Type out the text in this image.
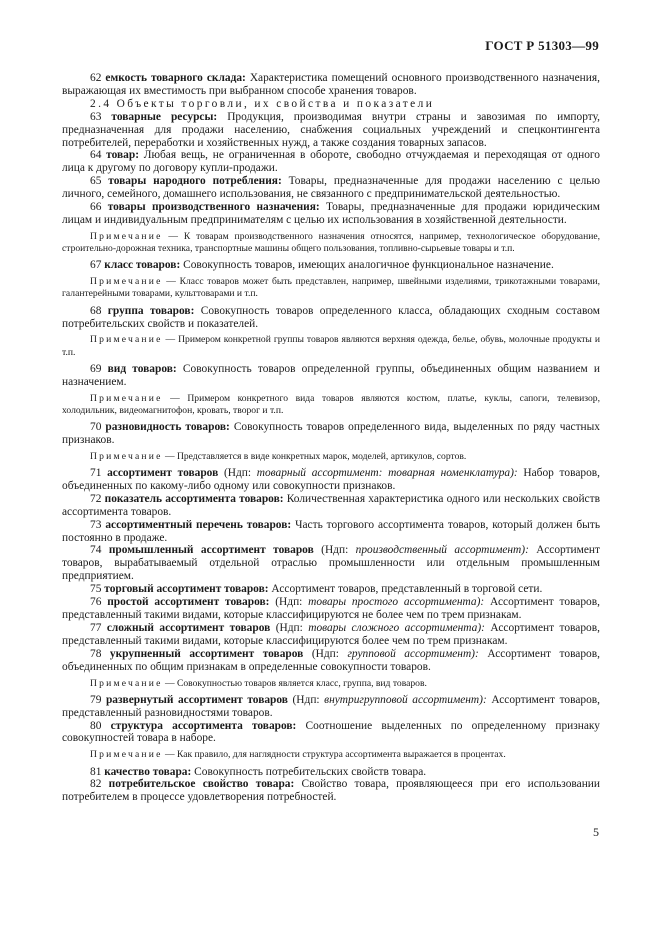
ГОСТ Р 51303—99

62 емкость товарного склада: Характеристика помещений основного производственного назначения, выражающая их вместимость при выбранном способе хранения товаров.

2.4 Объекты торговли, их свойства и показатели

63 товарные ресурсы: Продукция, производимая внутри страны и завозимая по импорту, предназначенная для продажи населению, снабжения социальных учреждений и спецконтингента потребителей, переработки и хозяйственных нужд, а также создания товарных запасов.

64 товар: Любая вещь, не ограниченная в обороте, свободно отчуждаемая и переходящая от одного лица к другому по договору купли-продажи.

65 товары народного потребления: Товары, предназначенные для продажи населению с целью личного, семейного, домашнего использования, не связанного с предпринимательской деятельностью.

66 товары производственного назначения: Товары, предназначенные для продажи юридическим лицам и индивидуальным предпринимателям с целью их использования в хозяйственной деятельности.

Примечание — К товарам производственного назначения относятся, например, технологическое оборудование, строительно-дорожная техника, транспортные машины общего пользования, топливно-сырьевые товары и т.п.

67 класс товаров: Совокупность товаров, имеющих аналогичное функциональное назначение.

Примечание — Класс товаров может быть представлен, например, швейными изделиями, трикотажными товарами, галантерейными товарами, культтоварами и т.п.

68 группа товаров: Совокупность товаров определенного класса, обладающих сходным составом потребительских свойств и показателей.

Примечание — Примером конкретной группы товаров являются верхняя одежда, белье, обувь, молочные продукты и т.п.

69 вид товаров: Совокупность товаров определенной группы, объединенных общим названием и назначением.

Примечание — Примером конкретного вида товаров являются костюм, платье, куклы, сапоги, телевизор, холодильник, видеомагнитофон, кровать, творог и т.п.

70 разновидность товаров: Совокупность товаров определенного вида, выделенных по ряду частных признаков.

Примечание — Представляется в виде конкретных марок, моделей, артикулов, сортов.

71 ассортимент товаров (Ндп: товарный ассортимент: товарная номенклатура): Набор товаров, объединенных по какому-либо одному или совокупности признаков.

72 показатель ассортимента товаров: Количественная характеристика одного или нескольких свойств ассортимента товаров.

73 ассортиментный перечень товаров: Часть торгового ассортимента товаров, который должен быть постоянно в продаже.

74 промышленный ассортимент товаров (Ндп: производственный ассортимент): Ассортимент товаров, вырабатываемый отдельной отраслью промышленности или отдельным промышленным предприятием.

75 торговый ассортимент товаров: Ассортимент товаров, представленный в торговой сети.

76 простой ассортимент товаров: (Ндп: товары простого ассортимента): Ассортимент товаров, представленный такими видами, которые классифицируются не более чем по трем признакам.

77 сложный ассортимент товаров (Ндп: товары сложного ассортимента): Ассортимент товаров, представленный такими видами, которые классифицируются более чем по трем признакам.

78 укрупненный ассортимент товаров (Ндп: групповой ассортимент): Ассортимент товаров, объединенных по общим признакам в определенные совокупности товаров.

Примечание — Совокупностью товаров является класс, группа, вид товаров.

79 развернутый ассортимент товаров (Ндп: внутригрупповой ассортимент): Ассортимент товаров, представленный разновидностями товаров.

80 структура ассортимента товаров: Соотношение выделенных по определенному признаку совокупностей товара в наборе.

Примечание — Как правило, для наглядности структура ассортимента выражается в процентах.

81 качество товара: Совокупность потребительских свойств товара.

82 потребительское свойство товара: Свойство товара, проявляющееся при его использовании потребителем в процессе удовлетворения потребностей.

5
